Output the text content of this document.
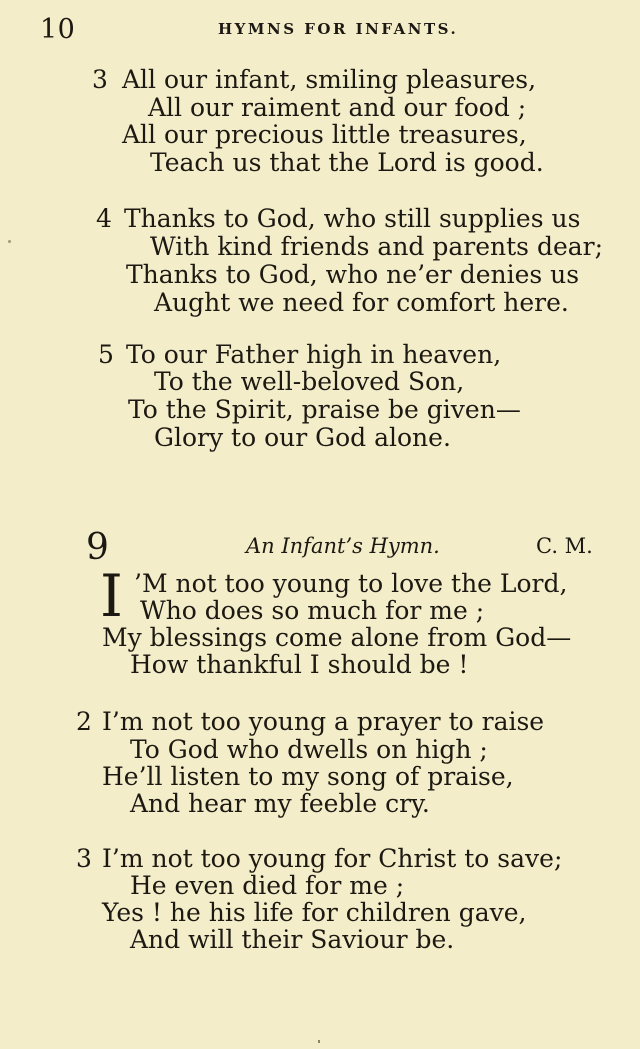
10	HYMNS FOR INFANTS.
3 All our infant, smiling pleasures,
All our raiment and our food ;
All our precious little treasures,
Teach us that the Lord is good.
4 Thanks to God, who still supplies us
With kind friends and parents dear;
Thanks to God, who ne’er denies us
Aught we need for comfort here.
5 To our Father high in heaven,
To the well-beloved Son,
To the Spirit, praise be given—
Glory to our God alone.
9	An Infant’s Hymn.	C. M.
I ’M not too young to love the Lord,
Who does so much for me ;
My blessings come alone from God—
How thankful I should be !
2 I’m not too young a prayer to raise
To God who dwells on high ;
He’ll listen to my song of praise,
And hear my feeble cry.
3 I’m not too young for Christ to save;
He even died for me ;
Yes ! he his life for children gave,
And will their Saviour be.
